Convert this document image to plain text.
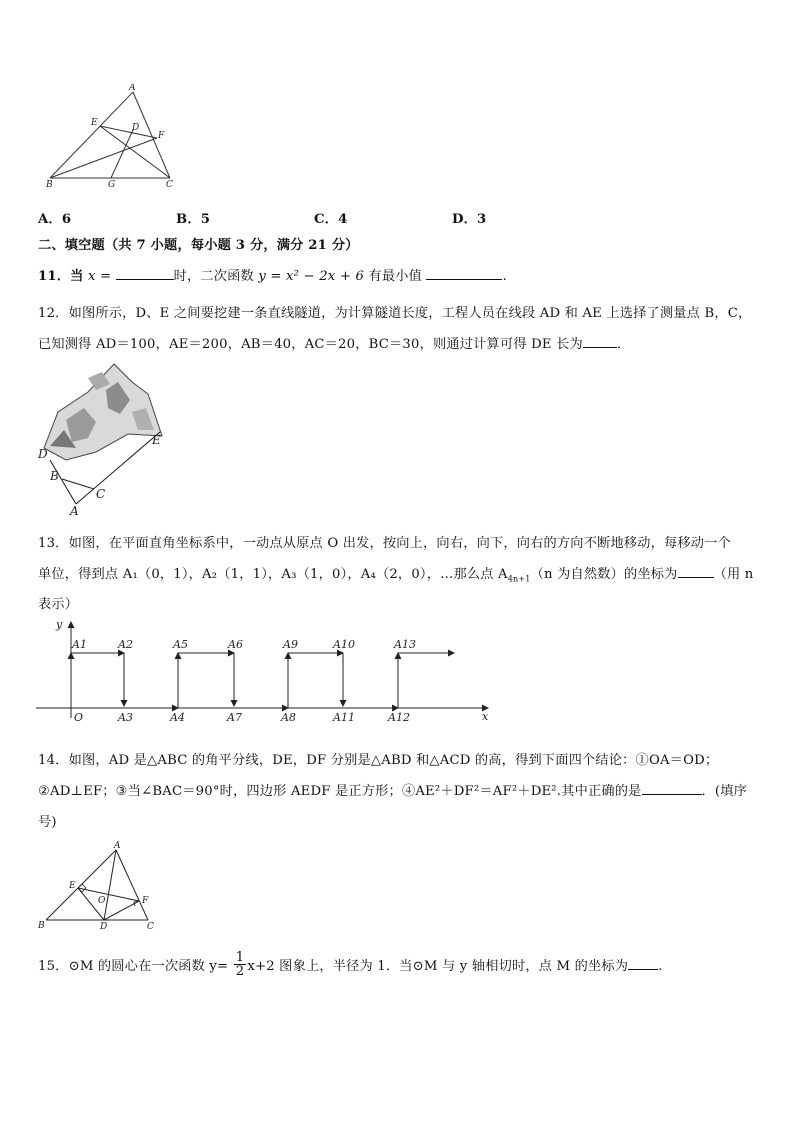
A
E	D
F
B	G	C
A．6	B．5	C．4	D．3
二、填空题（共 7 小题，每小题 3 分，满分 21 分）
11．当 x =	时，二次函数 y = x² − 2x + 6 有最小值	.
12．如图所示，D、E 之间要挖建一条直线隧道，为计算隧道长度，工程人员在线段 AD 和 AE 上选择了测量点 B，C，
已知测得 AD＝100，AE＝200，AB＝40，AC＝20，BC＝30，则通过计算可得 DE 长为	．
D
B
C
A
E
13．如图，在平面直角坐标系中，一动点从原点 O 出发，按向上，向右，向下，向右的方向不断地移动，每移动一个
单位，得到点 A₁（0，1），A₂（1，1），A₃（1，0），A₄（2，0），…那么点 $A_{4n+1}(n$ 为自然数）的坐标为	（用 n
表示）
y
x
O
A1	A2	A5	A6	A9	A10	A13
A3	A4	A7	A8	A11	A12
14．如图，AD 是△ABC 的角平分线，DE，DF 分别是△ABD 和△ACD 的高，得到下面四个结论：①OA＝OD；
②AD⊥EF；③当∠BAC＝90°时，四边形 AEDF 是正方形；④AE²＋DF²＝AF²＋DE².其中正确的是	．(填序
号)
A
E
O	F
B	D	C
15．⊙M 的圆心在一次函数 $y= \frac{1}{2} x+2$ 图象上，半径为 1．当⊙M 与 y 轴相切时，点 M 的坐标为 .
